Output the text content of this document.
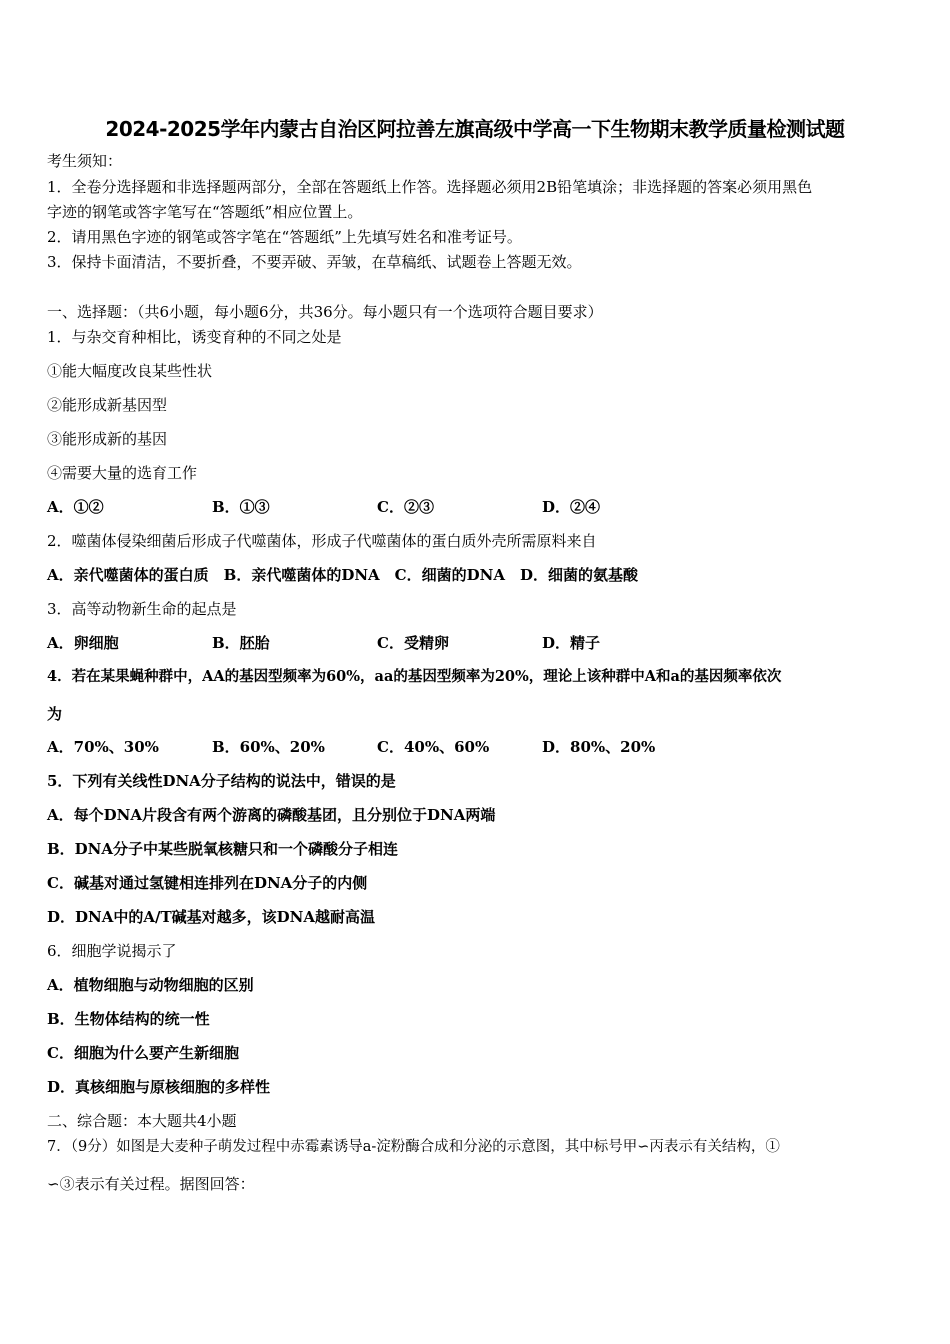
2024-2025学年内蒙古自治区阿拉善左旗高级中学高一下生物期末教学质量检测试题
考生须知：
1．全卷分选择题和非选择题两部分，全部在答题纸上作答。选择题必须用2B铅笔填涂；非选择题的答案必须用黑色
字迹的钢笔或答字笔写在“答题纸”相应位置上。
2．请用黑色字迹的钢笔或答字笔在“答题纸”上先填写姓名和准考证号。
3．保持卡面清洁，不要折叠，不要弄破、弄皱，在草稿纸、试题卷上答题无效。
一、选择题：（共6小题，每小题6分，共36分。每小题只有一个选项符合题目要求）
1．与杂交育种相比，诱变育种的不同之处是
①能大幅度改良某些性状
②能形成新基因型
③能形成新的基因
④需要大量的选育工作
A．①②	B．①③	C．②③	D．②④
2．噬菌体侵染细菌后形成子代噬菌体，形成子代噬菌体的蛋白质外壳所需原料来自
A．亲代噬菌体的蛋白质　B．亲代噬菌体的DNA　C．细菌的DNA　D．细菌的氨基酸
3．高等动物新生命的起点是
A．卵细胞	B．胚胎	C．受精卵	D．精子
4．若在某果蝇种群中，AA的基因型频率为60%，aa的基因型频率为20%，理论上该种群中A和a的基因频率依次
为
A．70%、30%	B．60%、20%	C．40%、60%	D．80%、20%
5．下列有关线性DNA分子结构的说法中，错误的是
A．每个DNA片段含有两个游离的磷酸基团，且分别位于DNA两端
B．DNA分子中某些脱氧核糖只和一个磷酸分子相连
C．碱基对通过氢键相连排列在DNA分子的内侧
D．DNA中的A/T碱基对越多，该DNA越耐高温
6．细胞学说揭示了
A．植物细胞与动物细胞的区别
B．生物体结构的统一性
C．细胞为什么要产生新细胞
D．真核细胞与原核细胞的多样性
二、综合题：本大题共4小题
7．（9分）如图是大麦种子萌发过程中赤霉素诱导a-淀粉酶合成和分泌的示意图，其中标号甲∽丙表示有关结构，①
∽③表示有关过程。据图回答：
